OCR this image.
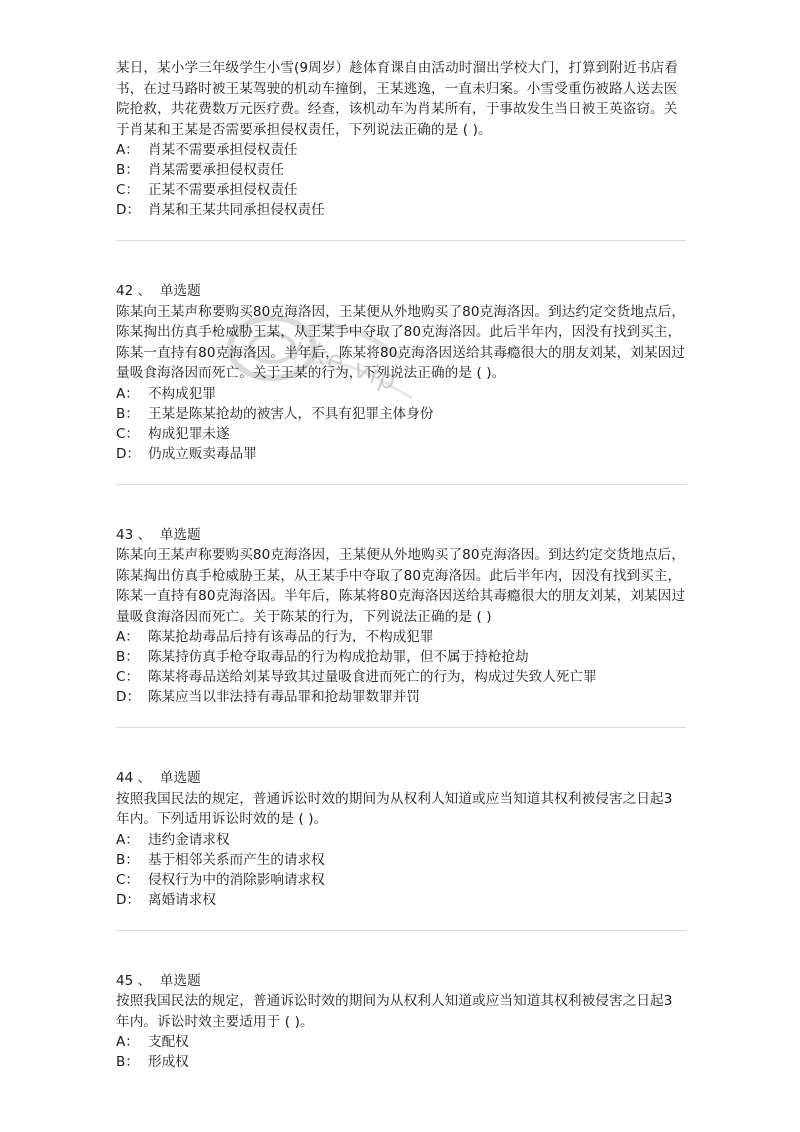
jike.vip

某日，某小学三年级学生小雪(9周岁）趁体育课自由活动时溜出学校大门，打算到附近书店看书，在过马路时被王某驾驶的机动车撞倒，王某逃逸，一直未归案。小雪受重伤被路人送去医院抢救，共花费数万元医疗费。经查，该机动车为肖某所有，于事故发生当日被王英盗窃。关于肖某和王某是否需要承担侵权责任，下列说法正确的是 ( )。

A： 肖某不需要承担侵权责任
B： 肖某需要承担侵权责任
C： 正某不需要承担侵权责任
D： 肖某和王某共同承担侵权责任

42 、 单选题

陈某向王某声称要购买80克海洛因，王某便从外地购买了80克海洛因。到达约定交货地点后，陈某掏出仿真手枪威胁王某，从王某手中夺取了80克海洛因。此后半年内，因没有找到买主，陈某一直持有80克海洛因。半年后，陈某将80克海洛因送给其毒瘾很大的朋友刘某，刘某因过量吸食海洛因而死亡。关于王某的行为，下列说法正确的是 ( )。

A： 不构成犯罪
B： 王某是陈某抢劫的被害人，不具有犯罪主体身份
C： 构成犯罪未遂
D： 仍成立贩卖毒品罪

43 、 单选题

陈某向王某声称要购买80克海洛因，王某便从外地购买了80克海洛因。到达约定交货地点后，陈某掏出仿真手枪威胁王某，从王某手中夺取了80克海洛因。此后半年内，因没有找到买主，陈某一直持有80克海洛因。半年后，陈某将80克海洛因送给其毒瘾很大的朋友刘某，刘某因过量吸食海洛因而死亡。关于陈某的行为，下列说法正确的是 ( )

A： 陈某抢劫毒品后持有该毒品的行为，不构成犯罪
B： 陈某持仿真手枪夺取毒品的行为构成抢劫罪，但不属于持枪抢劫
C： 陈某将毒品送给刘某导致其过量吸食进而死亡的行为，构成过失致人死亡罪
D： 陈某应当以非法持有毒品罪和抢劫罪数罪并罚

44 、 单选题

按照我国民法的规定，普通诉讼时效的期间为从权利人知道或应当知道其权利被侵害之日起3年内。下列适用诉讼时效的是 ( )。

A： 违约金请求权
B： 基于相邻关系而产生的请求权
C： 侵权行为中的消除影响请求权
D： 离婚请求权

45 、 单选题

按照我国民法的规定，普通诉讼时效的期间为从权利人知道或应当知道其权利被侵害之日起3年内。诉讼时效主要适用于 ( )。

A： 支配权
B： 形成权
